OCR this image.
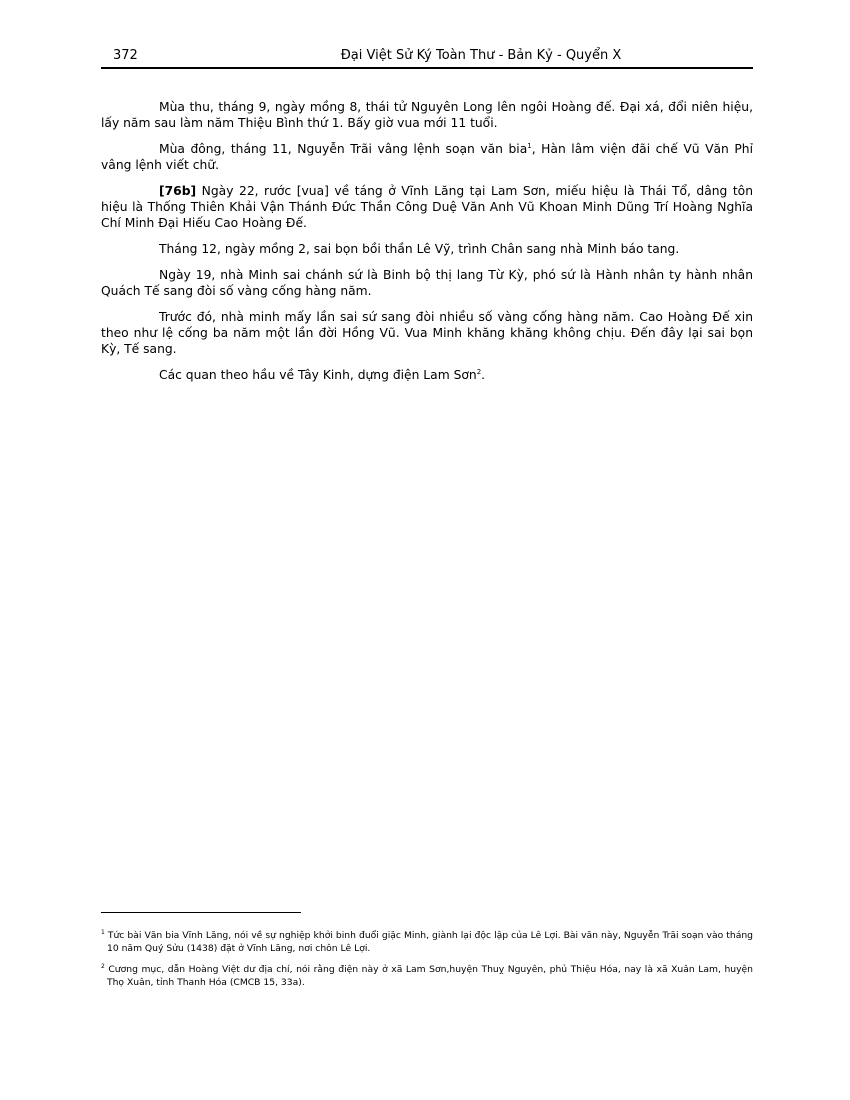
372	Đại Việt Sử Ký Toàn Thư - Bản Kỷ - Quyển X

Mùa thu, tháng 9, ngày mồng 8, thái tử Nguyên Long lên ngôi Hoàng đế. Đại xá, đổi niên hiệu, lấy năm sau làm năm Thiệu Bình thứ 1. Bấy giờ vua mới 11 tuổi.

Mùa đông, tháng 11, Nguyễn Trãi vâng lệnh soạn văn bia$^1$, Hàn lâm viện đãi chế Vũ Văn Phỉ vâng lệnh viết chữ.

[76b] Ngày 22, rước [vua] về táng ở Vĩnh Lăng tại Lam Sơn, miếu hiệu là Thái Tổ, dâng tôn hiệu là Thống Thiên Khải Vận Thánh Đức Thần Công Duệ Văn Anh Vũ Khoan Minh Dũng Trí Hoàng Nghĩa Chí Minh Đại Hiếu Cao Hoàng Đế.

Tháng 12, ngày mồng 2, sai bọn bồi thần Lê Vỹ, trình Chân sang nhà Minh báo tang.

Ngày 19, nhà Minh sai chánh sứ là Binh bộ thị lang Từ Kỳ, phó sứ là Hành nhân ty hành nhân Quách Tế sang đòi số vàng cống hàng năm.

Trước đó, nhà minh mấy lần sai sứ sang đòi nhiều số vàng cống hàng năm. Cao Hoàng Đế xin theo như lệ cống ba năm một lần đời Hồng Vũ. Vua Minh khăng khăng không chịu. Đến đây lại sai bọn Kỳ, Tế sang.

Các quan theo hầu về Tây Kinh, dựng điện Lam Sơn$^2$.

$^1$ Tức bài Văn bia Vĩnh Lăng, nói về sự nghiệp khởi binh đuổi giặc Minh, giành lại độc lập của Lê Lợi. Bài văn này, Nguyễn Trãi soạn vào tháng 10 năm Quý Sửu (1438) đặt ở Vĩnh Lăng, nơi chôn Lê Lợi.

$^2$ Cương mục, dẫn Hoàng Việt dư địa chí, nói rằng điện này ở xã Lam Sơn,huyện Thuỵ Nguyên, phủ Thiệu Hóa, nay là xã Xuân Lam, huyện Thọ Xuân, tỉnh Thanh Hóa (CMCB 15, 33a).
